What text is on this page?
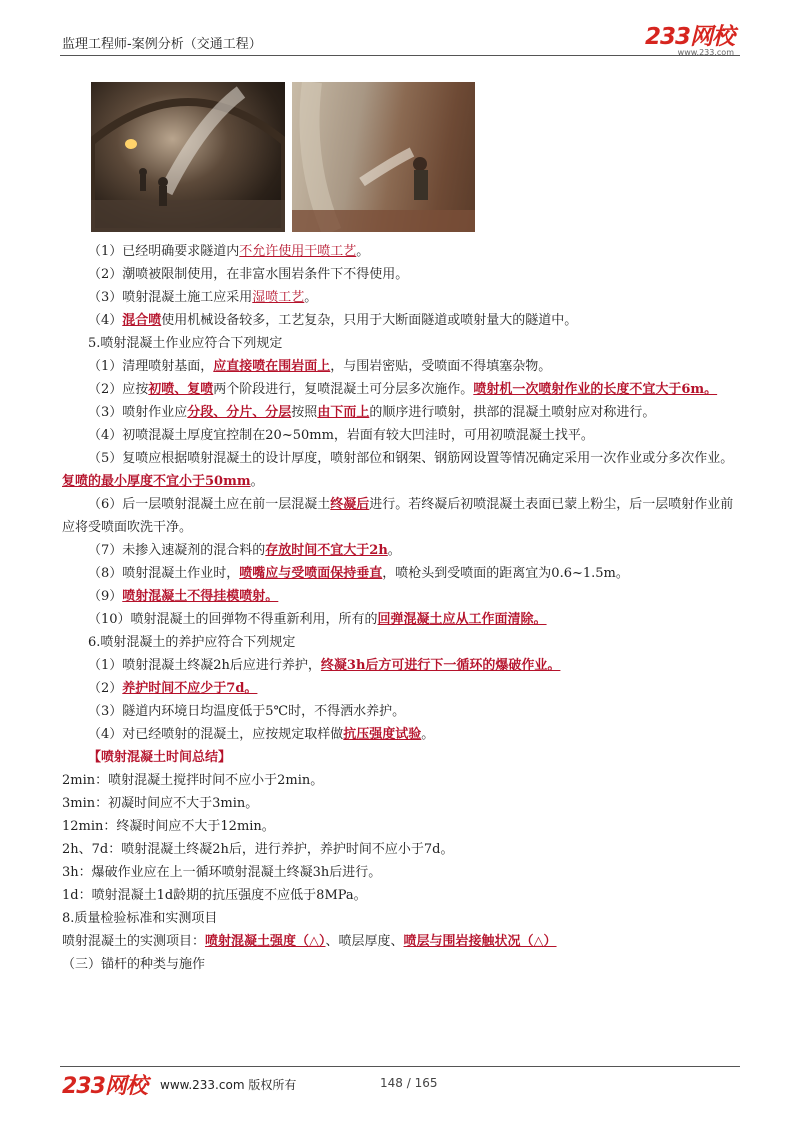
监理工程师-案例分析（交通工程）	233网校
www.233.com
（1）已经明确要求隧道内不允许使用干喷工艺。
（2）潮喷被限制使用，在非富水围岩条件下不得使用。
（3）喷射混凝土施工应采用湿喷工艺。
（4）混合喷使用机械设备较多，工艺复杂，只用于大断面隧道或喷射量大的隧道中。
5.喷射混凝土作业应符合下列规定
（1）清理喷射基面，应直接喷在围岩面上，与围岩密贴，受喷面不得填塞杂物。
（2）应按初喷、复喷两个阶段进行，复喷混凝土可分层多次施作。喷射机一次喷射作业的长度不宜大于6m。
（3）喷射作业应分段、分片、分层按照由下而上的顺序进行喷射，拱部的混凝土喷射应对称进行。
（4）初喷混凝土厚度宜控制在20~50mm，岩面有较大凹洼时，可用初喷混凝土找平。
（5）复喷应根据喷射混凝土的设计厚度，喷射部位和钢架、钢筋网设置等情况确定采用一次作业或分多次作业。复喷的最小厚度不宜小于50mm。
（6）后一层喷射混凝土应在前一层混凝土终凝后进行。若终凝后初喷混凝土表面已蒙上粉尘，后一层喷射作业前应将受喷面吹洗干净。
（7）未掺入速凝剂的混合料的存放时间不宜大于2h。
（8）喷射混凝土作业时，喷嘴应与受喷面保持垂直，喷枪头到受喷面的距离宜为0.6~1.5m。
（9）喷射混凝土不得挂模喷射。
（10）喷射混凝土的回弹物不得重新利用，所有的回弹混凝土应从工作面清除。
6.喷射混凝土的养护应符合下列规定
（1）喷射混凝土终凝2h后应进行养护，终凝3h后方可进行下一循环的爆破作业。
（2）养护时间不应少于7d。
（3）隧道内环境日均温度低于5℃时，不得洒水养护。
（4）对已经喷射的混凝土，应按规定取样做抗压强度试验。
【喷射混凝土时间总结】
2min：喷射混凝土搅拌时间不应小于2min。
3min：初凝时间应不大于3min。
12min：终凝时间应不大于12min。
2h、7d：喷射混凝土终凝2h后，进行养护，养护时间不应小于7d。
3h：爆破作业应在上一循环喷射混凝土终凝3h后进行。
1d：喷射混凝土1d龄期的抗压强度不应低于8MPa。
8.质量检验标准和实测项目
喷射混凝土的实测项目：喷射混凝土强度（△）、喷层厚度、喷层与围岩接触状况（△）
（三）锚杆的种类与施作
233网校 www.233.com 版权所有	148 / 165
